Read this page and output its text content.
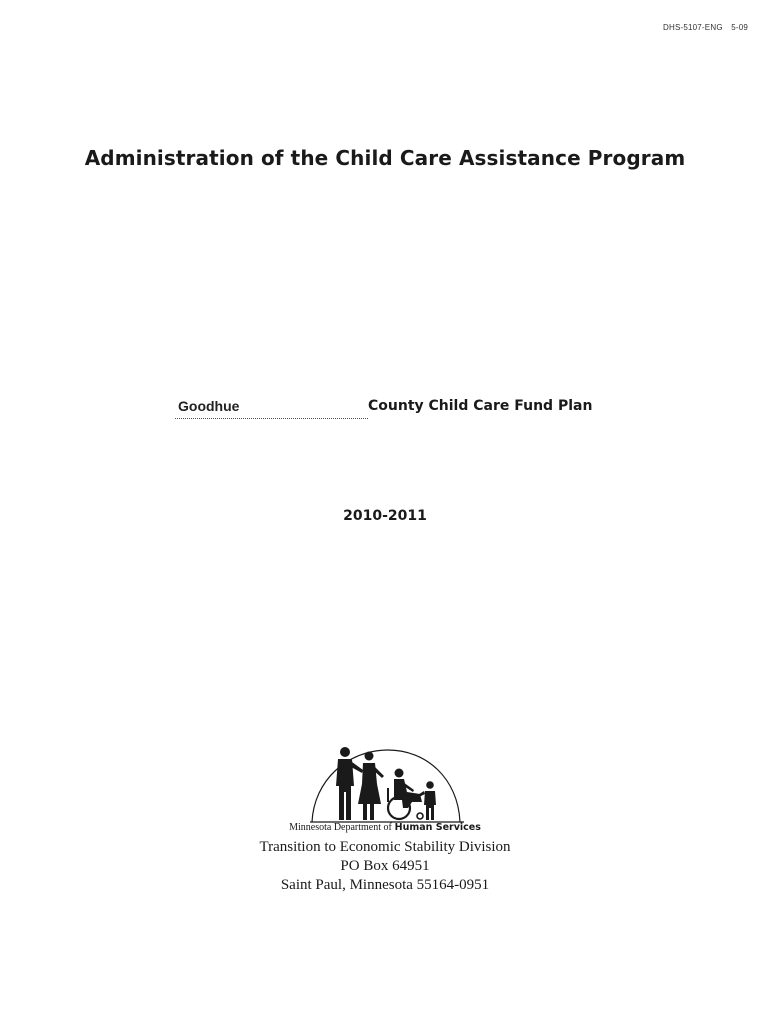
DHS-5107-ENG 5-09
Administration of the Child Care Assistance Program
Goodhue
County Child Care Fund Plan
2010-2011
Minnesota Department of Human Services
Transition to Economic Stability Division
PO Box 64951
Saint Paul, Minnesota 55164-0951
